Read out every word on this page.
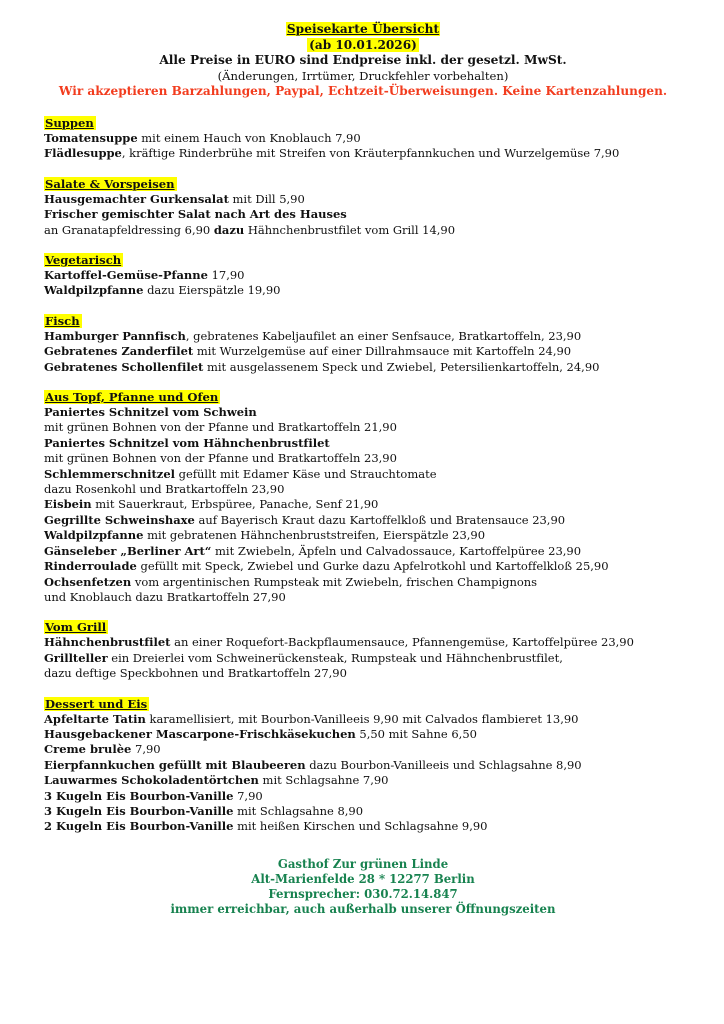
Speisekarte Übersicht
(ab 10.01.2026)
Alle Preise in EURO sind Endpreise inkl. der gesetzl. MwSt.
(Änderungen, Irrtümer, Druckfehler vorbehalten)
Wir akzeptieren Barzahlungen, Paypal, Echtzeit-Überweisungen. Keine Kartenzahlungen.
Suppen
Tomatensuppe mit einem Hauch von Knoblauch 7,90
Flädlesuppe, kräftige Rinderbrühe mit Streifen von Kräuterpfannkuchen und Wurzelgemüse 7,90
Salate & Vorspeisen
Hausgemachter Gurkensalat mit Dill 5,90
Frischer gemischter Salat nach Art des Hauses
an Granatapfeldressing 6,90 dazu Hähnchenbrustfilet vom Grill 14,90
Vegetarisch
Kartoffel-Gemüse-Pfanne 17,90
Waldpilzpfanne dazu Eierspätzle 19,90
Fisch
Hamburger Pannfisch, gebratenes Kabeljaufilet an einer Senfsauce, Bratkartoffeln, 23,90
Gebratenes Zanderfilet mit Wurzelgemüse auf einer Dillrahmsauce mit Kartoffeln 24,90
Gebratenes Schollenfilet mit ausgelassenem Speck und Zwiebel, Petersilienkartoffeln, 24,90
Aus Topf, Pfanne und Ofen
Paniertes Schnitzel vom Schwein
mit grünen Bohnen von der Pfanne und Bratkartoffeln 21,90
Paniertes Schnitzel vom Hähnchenbrustfilet
mit grünen Bohnen von der Pfanne und Bratkartoffeln 23,90
Schlemmerschnitzel gefüllt mit Edamer Käse und Strauchtomate
dazu Rosenkohl und Bratkartoffeln 23,90
Eisbein mit Sauerkraut, Erbspüree, Panache, Senf 21,90
Gegrillte Schweinshaxe auf Bayerisch Kraut dazu Kartoffelkloß und Bratensauce 23,90
Waldpilzpfanne mit gebratenen Hähnchenbruststreifen, Eierspätzle 23,90
Gänseleber „Berliner Art“ mit Zwiebeln, Äpfeln und Calvadossauce, Kartoffelpüree 23,90
Rinderroulade gefüllt mit Speck, Zwiebel und Gurke dazu Apfelrotkohl und Kartoffelkloß 25,90
Ochsenfetzen vom argentinischen Rumpsteak mit Zwiebeln, frischen Champignons
und Knoblauch dazu Bratkartoffeln 27,90
Vom Grill
Hähnchenbrustfilet an einer Roquefort-Backpflaumensauce, Pfannengemüse, Kartoffelpüree 23,90
Grillteller ein Dreierlei vom Schweinerückensteak, Rumpsteak und Hähnchenbrustfilet,
dazu deftige Speckbohnen und Bratkartoffeln 27,90
Dessert und Eis
Apfeltarte Tatin karamellisiert, mit Bourbon-Vanilleeis 9,90 mit Calvados flambieret 13,90
Hausgebackener Mascarpone-Frischkäsekuchen 5,50 mit Sahne 6,50
Creme brulèe 7,90
Eierpfannkuchen gefüllt mit Blaubeeren dazu Bourbon-Vanilleeis und Schlagsahne 8,90
Lauwarmes Schokoladentörtchen mit Schlagsahne 7,90
3 Kugeln Eis Bourbon-Vanille 7,90
3 Kugeln Eis Bourbon-Vanille mit Schlagsahne 8,90
2 Kugeln Eis Bourbon-Vanille mit heißen Kirschen und Schlagsahne 9,90
Gasthof Zur grünen Linde
Alt-Marienfelde 28 * 12277 Berlin
Fernsprecher: 030.72.14.847
immer erreichbar, auch außerhalb unserer Öffnungszeiten
